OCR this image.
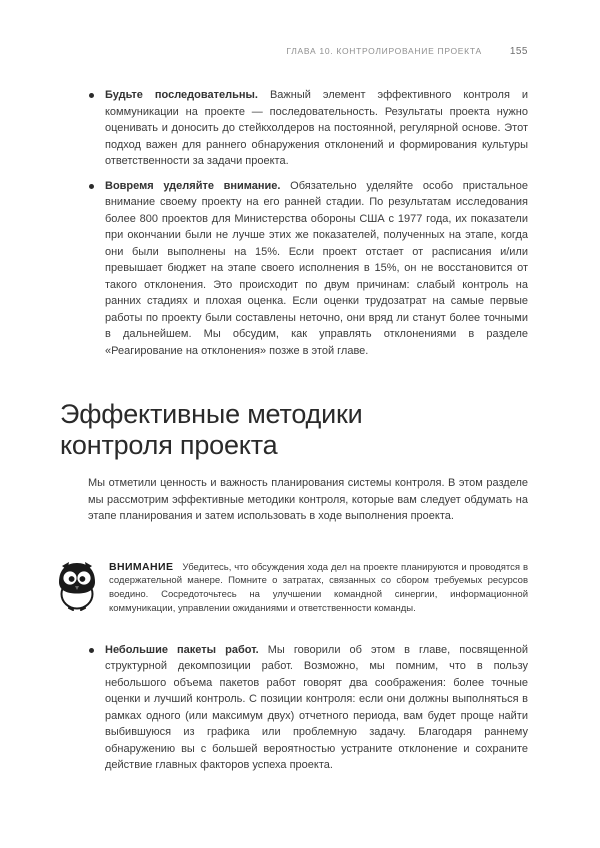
ГЛАВА 10. КОНТРОЛИРОВАНИЕ ПРОЕКТА	155
Будьте последовательны. Важный элемент эффективного контроля и коммуникации на проекте — последовательность. Результаты проекта нужно оценивать и доносить до стейкхолдеров на постоянной, регулярной основе. Этот подход важен для раннего обнаружения отклонений и формирования культуры ответственности за задачи проекта.
Вовремя уделяйте внимание. Обязательно уделяйте особо пристальное внимание своему проекту на его ранней стадии. По результатам исследования более 800 проектов для Министерства обороны США с 1977 года, их показатели при окончании были не лучше этих же показателей, полученных на этапе, когда они были выполнены на 15%. Если проект отстает от расписания и/или превышает бюджет на этапе своего исполнения в 15%, он не восстановится от такого отклонения. Это происходит по двум причинам: слабый контроль на ранних стадиях и плохая оценка. Если оценки трудозатрат на самые первые работы по проекту были составлены неточно, они вряд ли станут более точными в дальнейшем. Мы обсудим, как управлять отклонениями в разделе «Реагирование на отклонения» позже в этой главе.
Эффективные методики
контроля проекта

Мы отметили ценность и важность планирования системы контроля. В этом разделе мы рассмотрим эффективные методики контроля, которые вам следует обдумать на этапе планирования и затем использовать в ходе выполнения проекта.

ВНИМАНИЕ Убедитесь, что обсуждения хода дел на проекте планируются и проводятся в содержательной манере. Помните о затратах, связанных со сбором требуемых ресурсов воедино. Сосредоточьтесь на улучшении командной синергии, информационной коммуникации, управлении ожиданиями и ответственности команды.

Небольшие пакеты работ. Мы говорили об этом в главе, посвященной структурной декомпозиции работ. Возможно, мы помним, что в пользу небольшого объема пакетов работ говорят два соображения: более точные оценки и лучший контроль. С позиции контроля: если они должны выполняться в рамках одного (или максимум двух) отчетного периода, вам будет проще найти выбившуюся из графика или проблемную задачу. Благодаря раннему обнаружению вы с большей вероятностью устраните отклонение и сохраните действие главных факторов успеха проекта.
